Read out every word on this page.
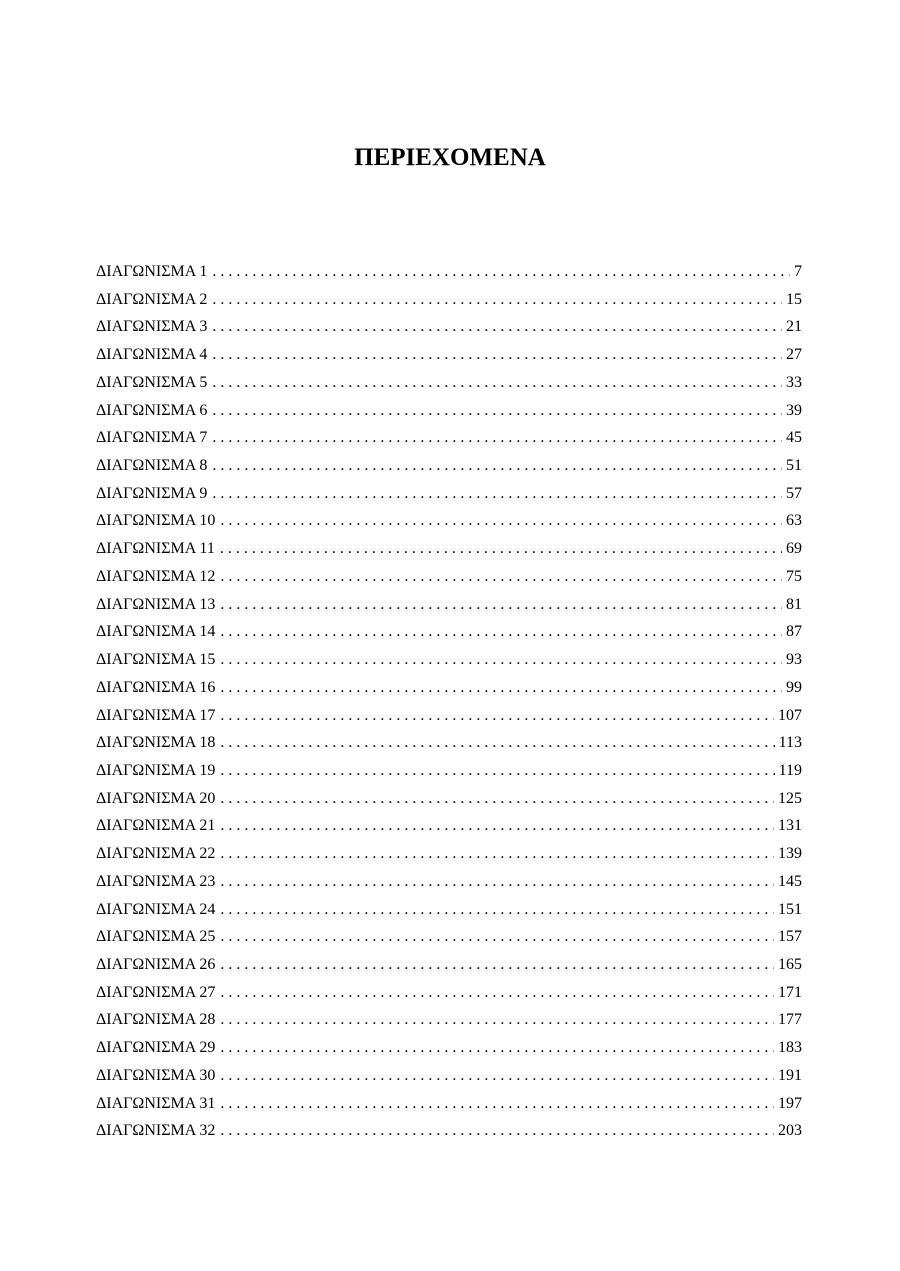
ΠΕΡΙΕΧΟΜΕΝΑ
ΔΙΑΓΩΝΙΣΜΑ 1 . . .	7
ΔΙΑΓΩΝΙΣΜΑ 2 . . .	15
ΔΙΑΓΩΝΙΣΜΑ 3 . . .	21
ΔΙΑΓΩΝΙΣΜΑ 4 . . .	27
ΔΙΑΓΩΝΙΣΜΑ 5 . . .	33
ΔΙΑΓΩΝΙΣΜΑ 6 . . .	39
ΔΙΑΓΩΝΙΣΜΑ 7 . . .	45
ΔΙΑΓΩΝΙΣΜΑ 8 . . .	51
ΔΙΑΓΩΝΙΣΜΑ 9 . . .	57
ΔΙΑΓΩΝΙΣΜΑ 10 . . .	63
ΔΙΑΓΩΝΙΣΜΑ 11 . . .	69
ΔΙΑΓΩΝΙΣΜΑ 12 . . .	75
ΔΙΑΓΩΝΙΣΜΑ 13 . . .	81
ΔΙΑΓΩΝΙΣΜΑ 14 . . .	87
ΔΙΑΓΩΝΙΣΜΑ 15 . . .	93
ΔΙΑΓΩΝΙΣΜΑ 16 . . .	99
ΔΙΑΓΩΝΙΣΜΑ 17 . . .	107
ΔΙΑΓΩΝΙΣΜΑ 18 . . .	113
ΔΙΑΓΩΝΙΣΜΑ 19 . . .	119
ΔΙΑΓΩΝΙΣΜΑ 20 . . .	125
ΔΙΑΓΩΝΙΣΜΑ 21 . . .	131
ΔΙΑΓΩΝΙΣΜΑ 22 . . .	139
ΔΙΑΓΩΝΙΣΜΑ 23 . . .	145
ΔΙΑΓΩΝΙΣΜΑ 24 . . .	151
ΔΙΑΓΩΝΙΣΜΑ 25 . . .	157
ΔΙΑΓΩΝΙΣΜΑ 26 . . .	165
ΔΙΑΓΩΝΙΣΜΑ 27 . . .	171
ΔΙΑΓΩΝΙΣΜΑ 28 . . .	177
ΔΙΑΓΩΝΙΣΜΑ 29 . . .	183
ΔΙΑΓΩΝΙΣΜΑ 30 . . .	191
ΔΙΑΓΩΝΙΣΜΑ 31 . . .	197
ΔΙΑΓΩΝΙΣΜΑ 32 . . .	203
